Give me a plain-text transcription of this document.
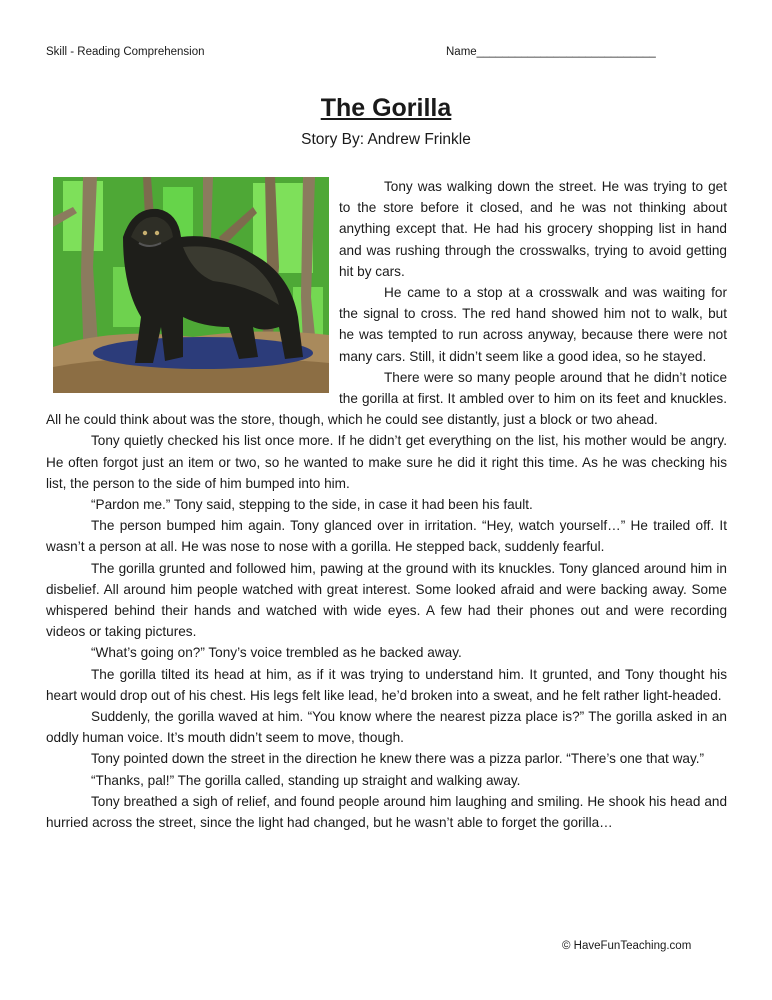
Skill - Reading Comprehension	Name____________________________
The Gorilla
Story By: Andrew Frinkle

Tony was walking down the street. He was trying to get to the store before it closed, and he was not thinking about anything except that. He had his grocery shopping list in hand and was rushing through the crosswalks, trying to avoid getting hit by cars.

He came to a stop at a crosswalk and was waiting for the signal to cross. The red hand showed him not to walk, but he was tempted to run across anyway, because there were not many cars. Still, it didn’t seem like a good idea, so he stayed.

There were so many people around that he didn’t notice the gorilla at first. It ambled over to him on its feet and knuckles. All he could think about was the store, though, which he could see distantly, just a block or two ahead.

Tony quietly checked his list once more. If he didn’t get everything on the list, his mother would be angry. He often forgot just an item or two, so he wanted to make sure he did it right this time. As he was checking his list, the person to the side of him bumped into him.

“Pardon me.” Tony said, stepping to the side, in case it had been his fault.

The person bumped him again. Tony glanced over in irritation. “Hey, watch yourself…” He trailed off. It wasn’t a person at all. He was nose to nose with a gorilla. He stepped back, suddenly fearful.

The gorilla grunted and followed him, pawing at the ground with its knuckles. Tony glanced around him in disbelief. All around him people watched with great interest. Some looked afraid and were backing away. Some whispered behind their hands and watched with wide eyes. A few had their phones out and were recording videos or taking pictures.

“What’s going on?” Tony’s voice trembled as he backed away.

The gorilla tilted its head at him, as if it was trying to understand him. It grunted, and Tony thought his heart would drop out of his chest. His legs felt like lead, he’d broken into a sweat, and he felt rather light-headed.

Suddenly, the gorilla waved at him. “You know where the nearest pizza place is?” The gorilla asked in an oddly human voice. It’s mouth didn’t seem to move, though.

Tony pointed down the street in the direction he knew there was a pizza parlor. “There’s one that way.”

“Thanks, pal!” The gorilla called, standing up straight and walking away.

Tony breathed a sigh of relief, and found people around him laughing and smiling. He shook his head and hurried across the street, since the light had changed, but he wasn’t able to forget the gorilla…

© HaveFunTeaching.com
